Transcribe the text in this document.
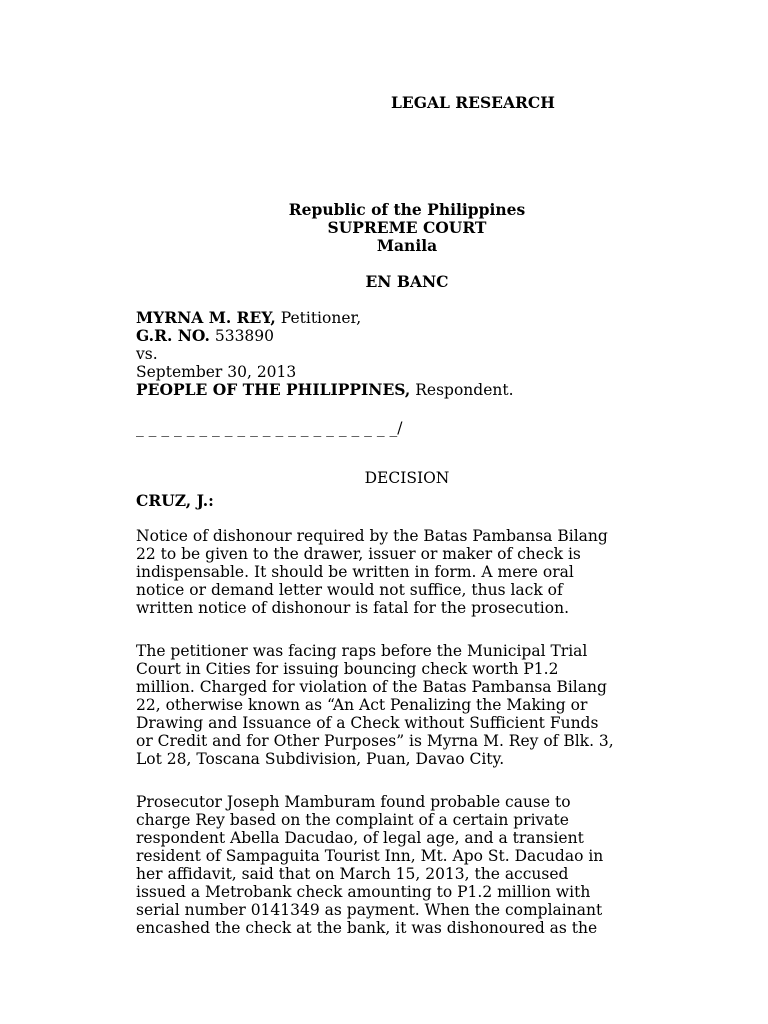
LEGAL RESEARCH
Republic of the Philippines
SUPREME COURT
Manila
EN BANC
MYRNA M. REY, Petitioner,
G.R. NO. 533890
vs.
September 30, 2013
PEOPLE OF THE PHILIPPINES, Respondent.
_ _ _ _ _ _ _ _ _ _ _ _ _ _ _ _ _ _ _ _ _/
DECISION
CRUZ, J.:
Notice of dishonour required by the Batas Pambansa Bilang
22 to be given to the drawer, issuer or maker of check is
indispensable. It should be written in form. A mere oral
notice or demand letter would not suffice, thus lack of
written notice of dishonour is fatal for the prosecution.
The petitioner was facing raps before the Municipal Trial
Court in Cities for issuing bouncing check worth P1.2
million. Charged for violation of the Batas Pambansa Bilang
22, otherwise known as “An Act Penalizing the Making or
Drawing and Issuance of a Check without Sufficient Funds
or Credit and for Other Purposes” is Myrna M. Rey of Blk. 3,
Lot 28, Toscana Subdivision, Puan, Davao City.
Prosecutor Joseph Mamburam found probable cause to
charge Rey based on the complaint of a certain private
respondent Abella Dacudao, of legal age, and a transient
resident of Sampaguita Tourist Inn, Mt. Apo St. Dacudao in
her affidavit, said that on March 15, 2013, the accused
issued a Metrobank check amounting to P1.2 million with
serial number 0141349 as payment. When the complainant
encashed the check at the bank, it was dishonoured as the
